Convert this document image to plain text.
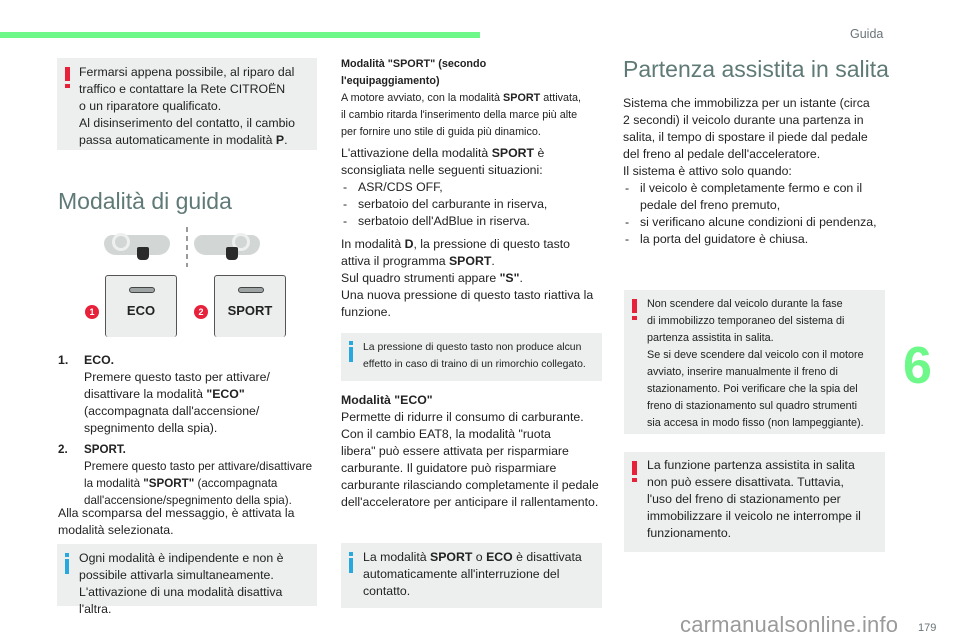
Guida
6
carmanualsonline.info 179
Fermarsi appena possibile, al riparo dal
traffico e contattare la Rete CITROËN
o un riparatore qualificato.
Al disinserimento del contatto, il cambio
passa automaticamente in modalità P.
Modalità di guida
1	ECO	2	SPORT
1. ECO.
Premere questo tasto per attivare/
disattivare la modalità "ECO"
(accompagnata dall'accensione/
spegnimento della spia).
2. SPORT.
Premere questo tasto per attivare/disattivare
la modalità "SPORT" (accompagnata
dall'accensione/spegnimento della spia).
Alla scomparsa del messaggio, è attivata la modalità selezionata.
Ogni modalità è indipendente e non è
possibile attivarla simultaneamente.
L'attivazione di una modalità disattiva l'altra.
Modalità "SPORT" (secondo
l'equipaggiamento)
A motore avviato, con la modalità SPORT attivata,
il cambio ritarda l'inserimento della marce più alte
per fornire uno stile di guida più dinamico.
L'attivazione della modalità SPORT è
sconsigliata nelle seguenti situazioni:
- ASR/CDS OFF,
- serbatoio del carburante in riserva,
- serbatoio dell'AdBlue in riserva.
In modalità D, la pressione di questo tasto
attiva il programma SPORT.
Sul quadro strumenti appare "S".
Una nuova pressione di questo tasto riattiva la
funzione.
La pressione di questo tasto non produce alcun
effetto in caso di traino di un rimorchio collegato.
Modalità "ECO"
Permette di ridurre il consumo di carburante.
Con il cambio EAT8, la modalità "ruota
libera" può essere attivata per risparmiare
carburante. Il guidatore può risparmiare
carburante rilasciando completamente il pedale
dell'acceleratore per anticipare il rallentamento.
La modalità SPORT o ECO è disattivata
automaticamente all'interruzione del
contatto.
Partenza assistita in salita
Sistema che immobilizza per un istante (circa
2 secondi) il veicolo durante una partenza in
salita, il tempo di spostare il piede dal pedale
del freno al pedale dell'acceleratore.
Il sistema è attivo solo quando:
- il veicolo è completamente fermo e con il pedale del freno premuto,
- si verificano alcune condizioni di pendenza,
- la porta del guidatore è chiusa.
Non scendere dal veicolo durante la fase
di immobilizzo temporaneo del sistema di
partenza assistita in salita.
Se si deve scendere dal veicolo con il motore
avviato, inserire manualmente il freno di
stazionamento. Poi verificare che la spia del
freno di stazionamento sul quadro strumenti
sia accesa in modo fisso (non lampeggiante).
La funzione partenza assistita in salita
non può essere disattivata. Tuttavia,
l'uso del freno di stazionamento per
immobilizzare il veicolo ne interrompe il
funzionamento.
